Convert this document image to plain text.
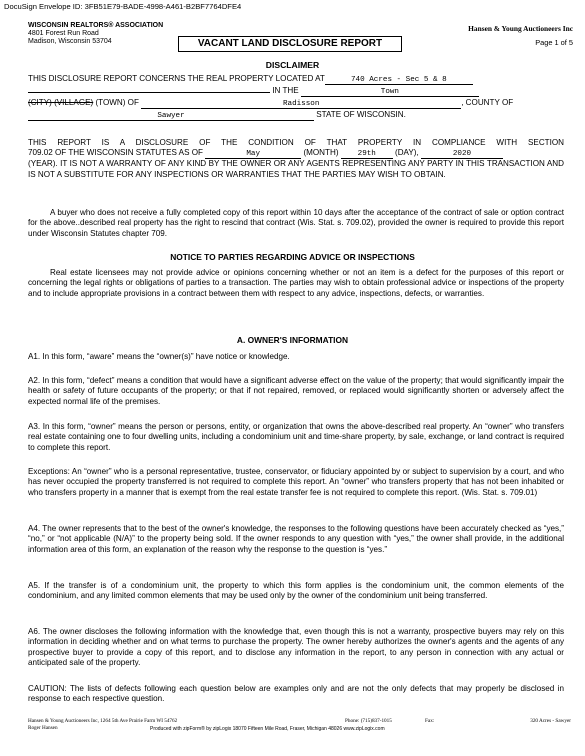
DocuSign Envelope ID: 3FB51E79-BADE-4998-A461-B2BF7764DFE4
WISCONSIN REALTORS® ASSOCIATION
4801 Forest Run Road
Madison, Wisconsin 53704
Hansen & Young Auctioneers Inc
Page 1 of 5
VACANT LAND DISCLOSURE REPORT
DISCLAIMER
THIS DISCLOSURE REPORT CONCERNS THE REAL PROPERTY LOCATED AT	740 Acres - Sec 5 & 8
IN THE	Town
(CITY) (VILLAGE) (TOWN) OF	Radisson	, COUNTY OF
Sawyer	STATE OF WISCONSIN.
THIS REPORT IS A DISCLOSURE OF THE CONDITION OF THAT PROPERTY IN COMPLIANCE WITH SECTION
709.02 OF THE WISCONSIN STATUTES AS OF	May	(MONTH)	29th (DAY),	2020
(YEAR). IT IS NOT A WARRANTY OF ANY KIND BY THE OWNER OR ANY AGENTS REPRESENTING ANY PARTY IN THIS TRANSACTION AND IS NOT A SUBSTITUTE FOR ANY INSPECTIONS OR WARRANTIES THAT THE PARTIES MAY WISH TO OBTAIN.
A buyer who does not receive a fully completed copy of this report within 10 days after the acceptance of the contract of sale or option contract for the above..described real property has the right to rescind that contract (Wis. Stat. s. 709.02), provided the owner is required to provide this report under Wisconsin Statutes chapter 709.
NOTICE TO PARTIES REGARDING ADVICE OR INSPECTIONS
Real estate licensees may not provide advice or opinions concerning whether or not an item is a defect for the purposes of this report or concerning the legal rights or obligations of parties to a transaction. The parties may wish to obtain professional advice or inspections of the property and to include appropriate provisions in a contract between them with respect to any advice, inspections, defects, or warranties.
A. OWNER'S INFORMATION
A1. In this form, “aware” means the “owner(s)” have notice or knowledge.
A2. In this form, “defect” means a condition that would have a significant adverse effect on the value of the property; that would significantly impair the health or safety of future occupants of the property; or that if not repaired, removed, or replaced would significantly shorten or adversely affect the expected normal life of the premises.
A3. In this form, “owner” means the person or persons, entity, or organization that owns the above-described real property. An “owner” who transfers real estate containing one to four dwelling units, including a condominium unit and time-share property, by sale, exchange, or land contract is required to complete this report.
Exceptions: An “owner” who is a personal representative, trustee, conservator, or fiduciary appointed by or subject to supervision by a court, and who has never occupied the property transferred is not required to complete this report. An “owner” who transfers property that has not been inhabited or who transfers property in a manner that is exempt from the real estate transfer fee is not required to complete this report. (Wis. Stat. s. 709.01)
A4. The owner represents that to the best of the owner's knowledge, the responses to the following questions have been accurately checked as “yes,” “no,” or “not applicable (N/A)” to the property being sold. If the owner responds to any question with “yes,” the owner shall provide, in the additional information area of this form, an explanation of the reason why the response to the question is “yes.”
A5. If the transfer is of a condominium unit, the property to which this form applies is the condominium unit, the common elements of the condominium, and any limited common elements that may be used only by the owner of the condominium unit being transferred.
A6. The owner discloses the following information with the knowledge that, even though this is not a warranty, prospective buyers may rely on this information in deciding whether and on what terms to purchase the property. The owner hereby authorizes the owner's agents and the agents of any prospective buyer to provide a copy of this report, and to disclose any information in the report, to any person in connection with any actual or anticipated sale of the property.
CAUTION: The lists of defects following each question below are examples only and are not the only defects that may properly be disclosed in response to each respective question.
Hansen & Young Auctioneers Inc, 1264 5th Ave Prairie Farm WI 54762
Roger Hansen
Phone: (715)837-1015	Fax:	320 Acres - Sawyer
Produced with zipForm® by zipLogix 18070 Fifteen Mile Road, Fraser, Michigan 48026 www.zipLogix.com
